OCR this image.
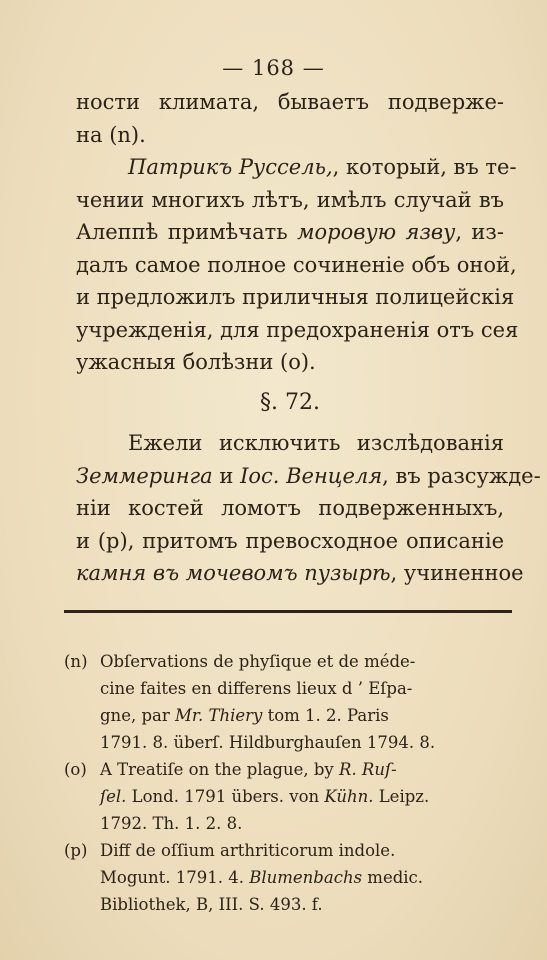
— 168 —
ности климата, бываетъ подверже-
на (n).
Патрикъ Руссель,, который, въ те-
чении многихъ лѣтъ, имѣлъ случай въ
Алеппѣ примѣчать моровую язву, из-
далъ самое полное сочиненіе объ оной,
и предложилъ приличныя полицейскія
учрежденія, для предохраненія отъ сея
ужасныя болѣзни (o).
§. 72.
Ежели исключить изслѣдованія
Земмеринга и Іос. Венцеля, въ разсужде-
ніи костей ломотъ подверженныхъ,
и (p), притомъ превосходное описаніе
камня въ мочевомъ пузырѣ, учиненное
(n) Obſervations de phyſique et de méde-
cine faites en differens lieux d ’ Eſpa-
gne, par Mr. Thiery tom 1. 2. Paris
1791. 8. überſ. Hildburghauſen 1794. 8.
(o) A Treatiſe on the plague, by R. Ruſ-
ſel. Lond. 1791 übers. von Kühn. Leipz.
1792. Th. 1. 2. 8.
(p) Diff de oſſium arthriticorum indole.
Mogunt. 1791. 4. Blumenbachs medic.
Bibliothek, B, III. S. 493. f.
